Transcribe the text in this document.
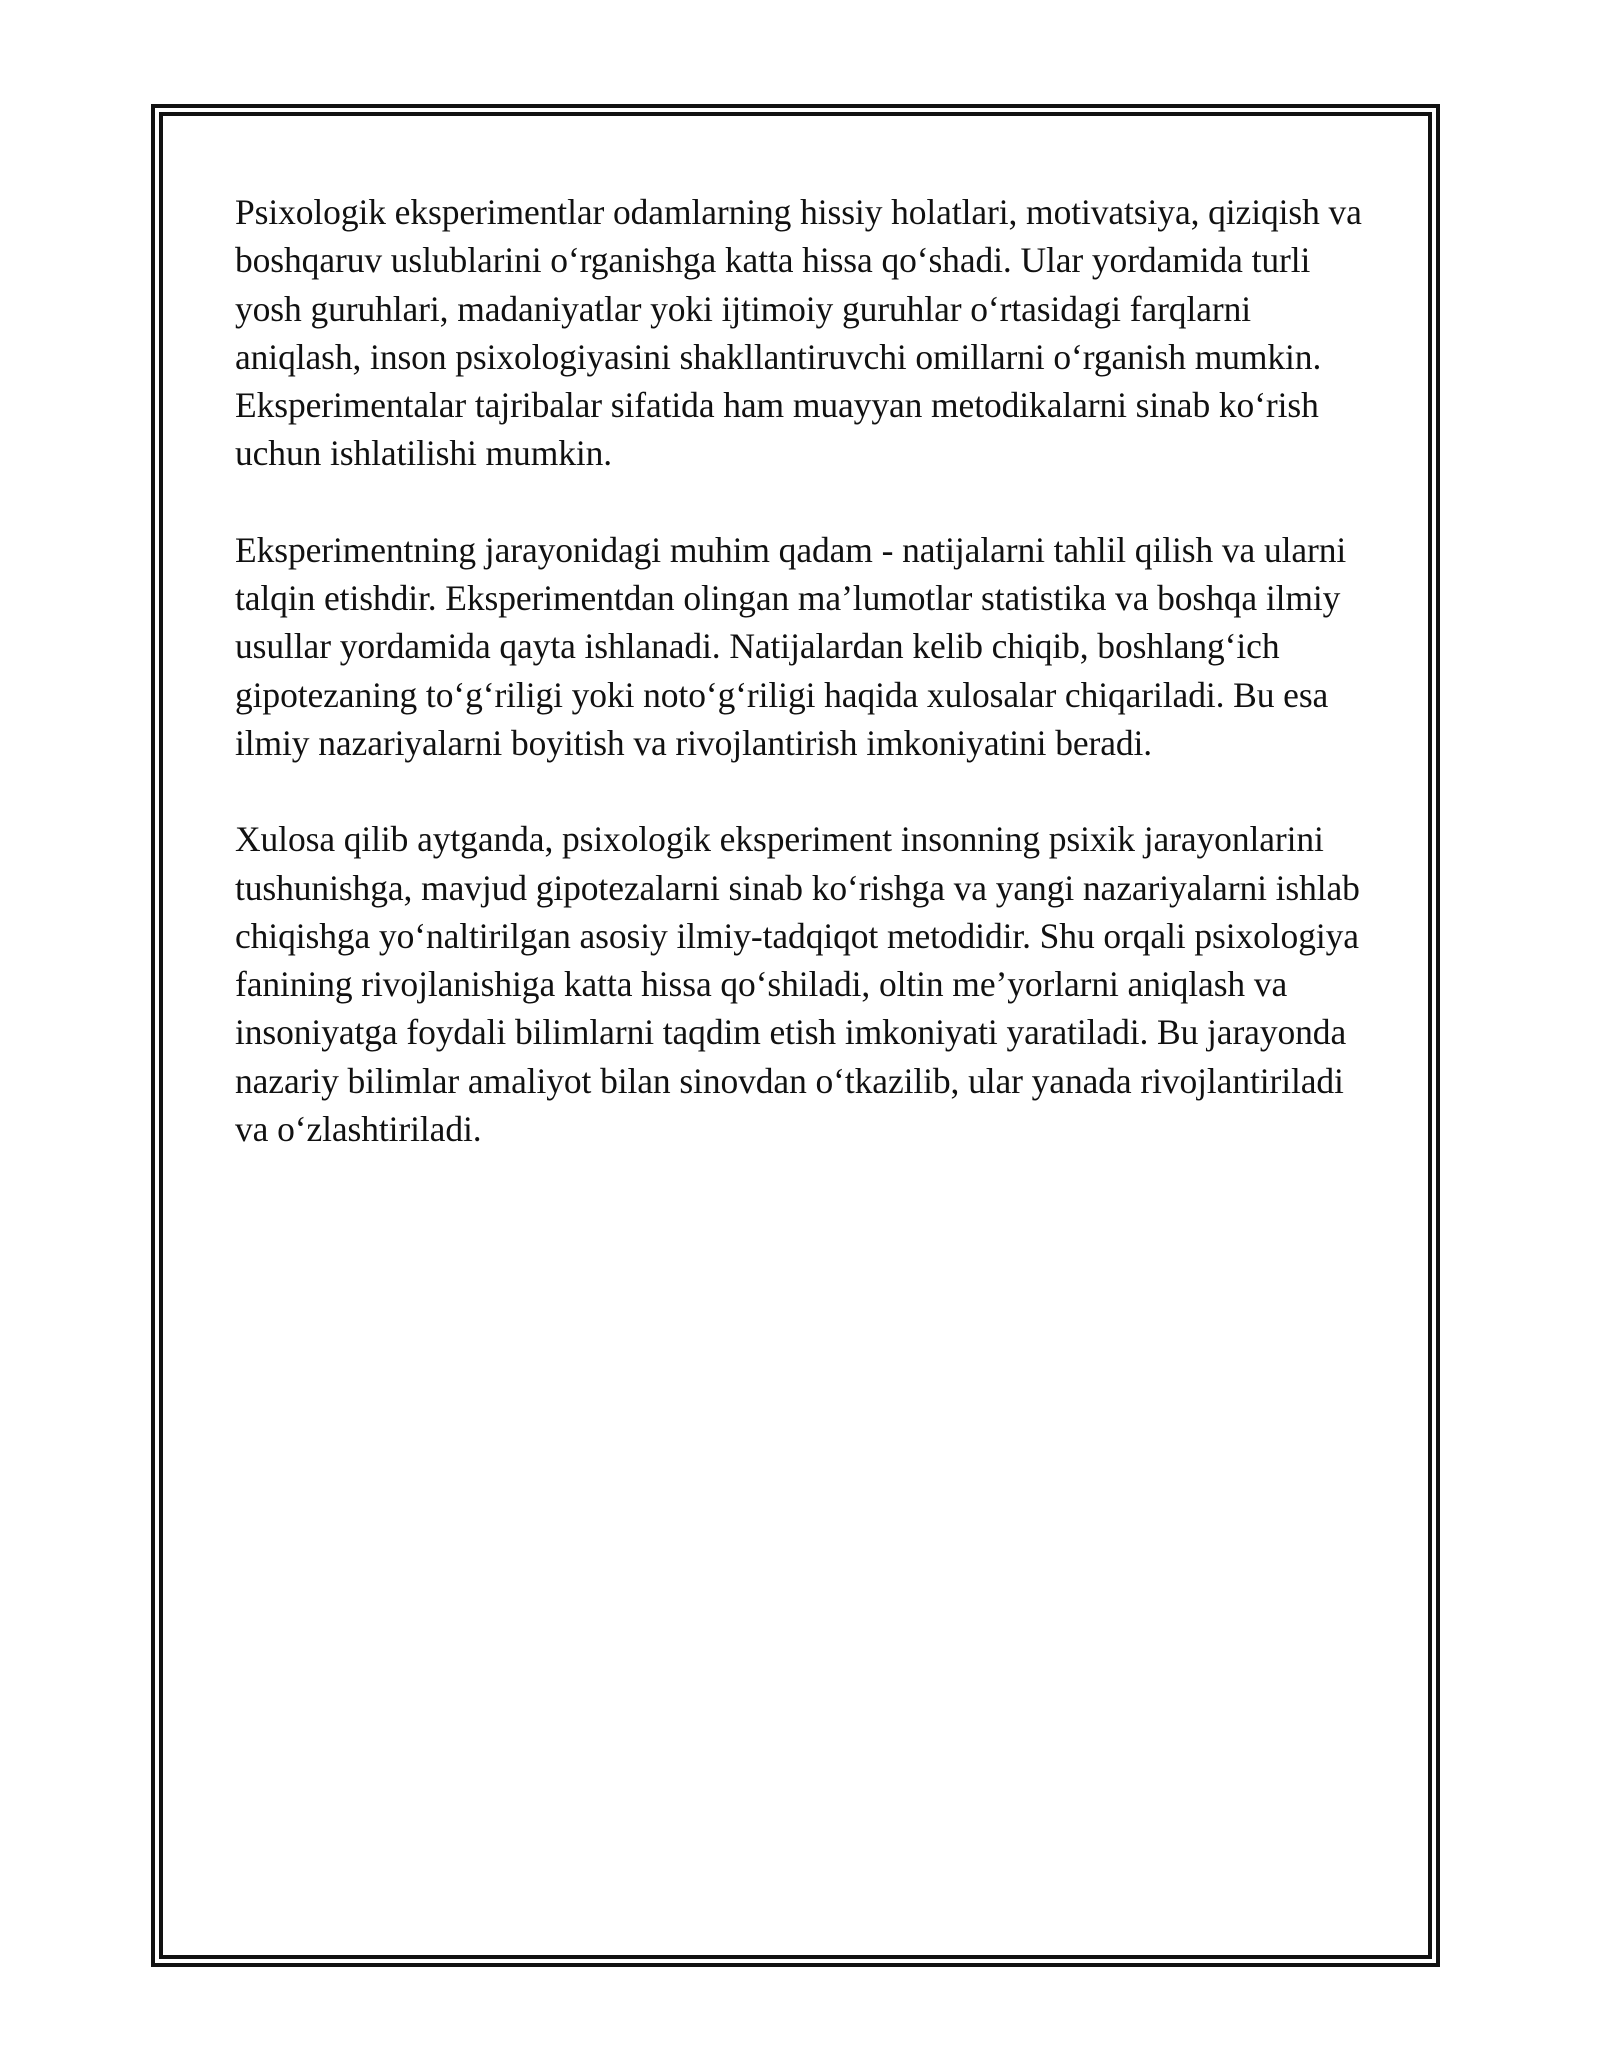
Psixologik eksperimentlar odamlarning hissiy holatlari, motivatsiya, qiziqish va boshqaruv uslublarini o‘rganishga katta hissa qo‘shadi. Ular yordamida turli yosh guruhlari, madaniyatlar yoki ijtimoiy guruhlar o‘rtasidagi farqlarni aniqlash, inson psixologiyasini shakllantiruvchi omillarni o‘rganish mumkin. Eksperimentalar tajribalar sifatida ham muayyan metodikalarni sinab ko‘rish uchun ishlatilishi mumkin.

Eksperimentning jarayonidagi muhim qadam - natijalarni tahlil qilish va ularni talqin etishdir. Eksperimentdan olingan ma’lumotlar statistika va boshqa ilmiy usullar yordamida qayta ishlanadi. Natijalardan kelib chiqib, boshlang‘ich gipotezaning to‘g‘riligi yoki noto‘g‘riligi haqida xulosalar chiqariladi. Bu esa ilmiy nazariyalarni boyitish va rivojlantirish imkoniyatini beradi.

Xulosa qilib aytganda, psixologik eksperiment insonning psixik jarayonlarini tushunishga, mavjud gipotezalarni sinab ko‘rishga va yangi nazariyalarni ishlab chiqishga yo‘naltirilgan asosiy ilmiy-tadqiqot metodidir. Shu orqali psixologiya fanining rivojlanishiga katta hissa qo‘shiladi, oltin me’yorlarni aniqlash va insoniyatga foydali bilimlarni taqdim etish imkoniyati yaratiladi. Bu jarayonda nazariy bilimlar amaliyot bilan sinovdan o‘tkazilib, ular yanada rivojlantiriladi va o‘zlashtiriladi.
